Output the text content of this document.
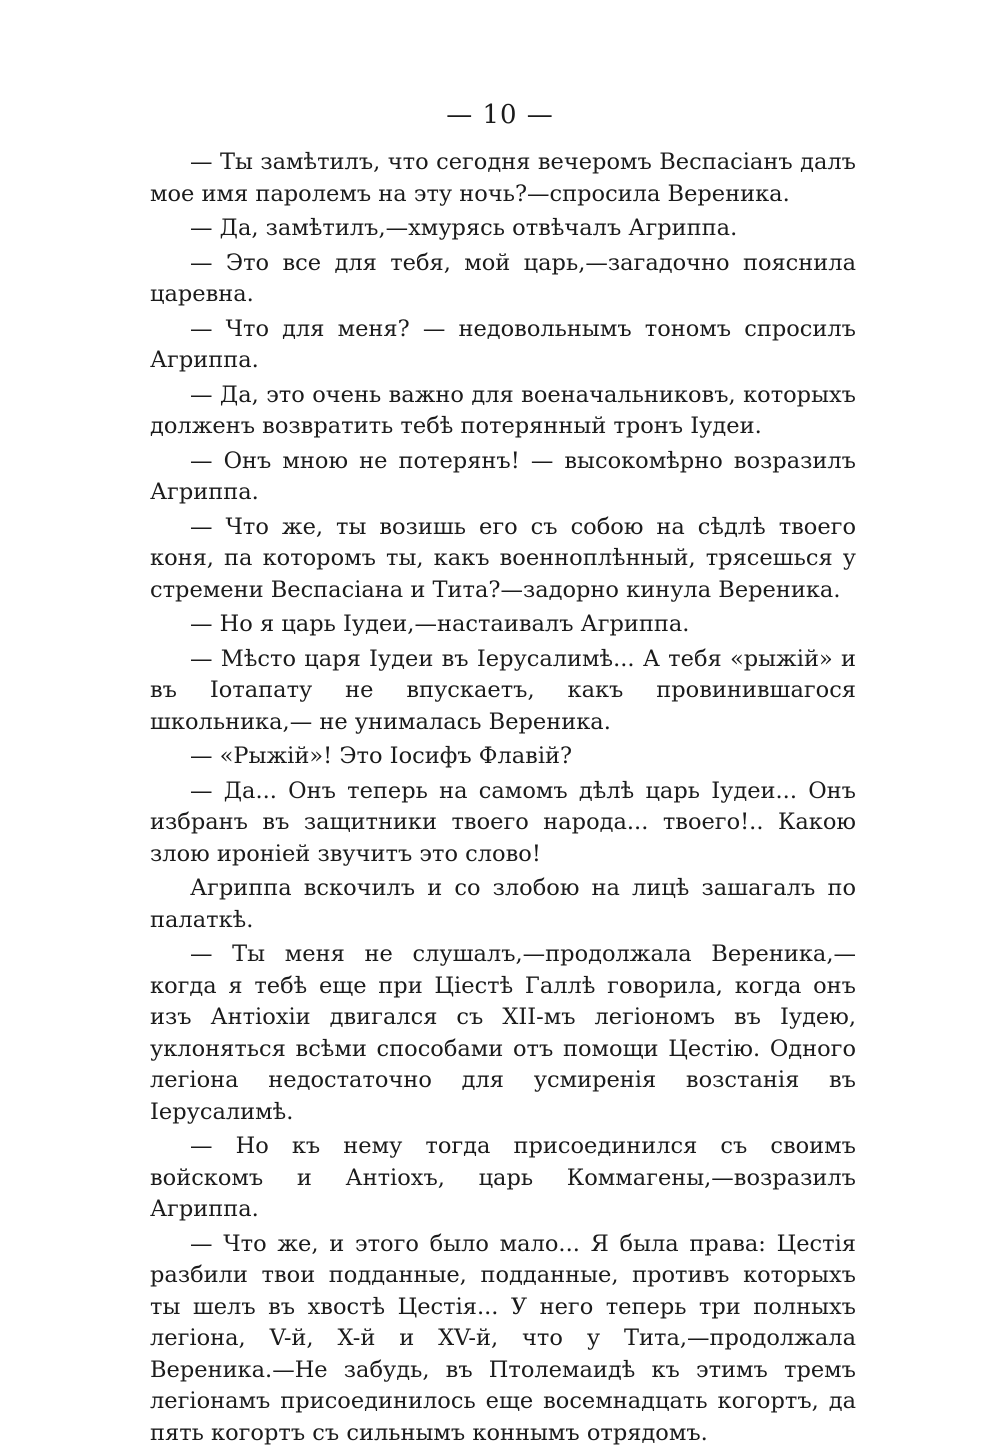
— 10 —

— Ты замѣтилъ, что сегодня вечеромъ Веспасіанъ далъ мое имя паролемъ на эту ночь?—спросила Вереника.

— Да, замѣтилъ,—хмурясь отвѣчалъ Агриппа.

— Это все для тебя, мой царь,—загадочно пояснила царевна.

— Что для меня? — недовольнымъ тономъ спросилъ Агриппа.

— Да, это очень важно для военачальниковъ, которыхъ долженъ возвратить тебѣ потерянный тронъ Іудеи.

— Онъ мною не потерянъ! — высокомѣрно возразилъ Агриппа.

— Что же, ты возишь его съ собою на сѣдлѣ твоего коня, па которомъ ты, какъ военноплѣнный, трясешься у стремени Веспасіана и Тита?—задорно кинула Вереника.

— Но я царь Іудеи,—настаивалъ Агриппа.

— Мѣсто царя Іудеи въ Іерусалимѣ... А тебя «рыжій» и въ Іотапату не впускаетъ, какъ провинившагося школьника,— не унималась Вереника.

— «Рыжій»! Это Іосифъ Флавій?

— Да... Онъ теперь на самомъ дѣлѣ царь Іудеи... Онъ избранъ въ защитники твоего народа... твоего!.. Какою злою ироніей звучитъ это слово!

Агриппа вскочилъ и со злобою на лицѣ зашагалъ по палаткѣ.

— Ты меня не слушалъ,—продолжала Вереника,—когда я тебѣ еще при Цiестѣ Галлѣ говорила, когда онъ изъ Антіохіи двигался съ XII-мъ легіономъ въ Іудею, уклоняться всѣми способами отъ помощи Цестію. Одного легіона недостаточно для усмиренія возстанія въ Іерусалимѣ.

— Но къ нему тогда присоединился съ своимъ войскомъ и Антіохъ, царь Коммагены,—возразилъ Агриппа.

— Что же, и этого было мало... Я была права: Цестія разбили твои подданные, подданные, противъ которыхъ ты шелъ въ хвостѣ Цестія... У него теперь три полныхъ легіона, V-й, X-й и XV-й, что у Тита,—продолжала Вереника.—Не забудь, въ Птолемаидѣ къ этимъ тремъ легіонамъ присоединилось еще восемнадцать когортъ, да пять когортъ съ сильнымъ коннымъ отрядомъ.
